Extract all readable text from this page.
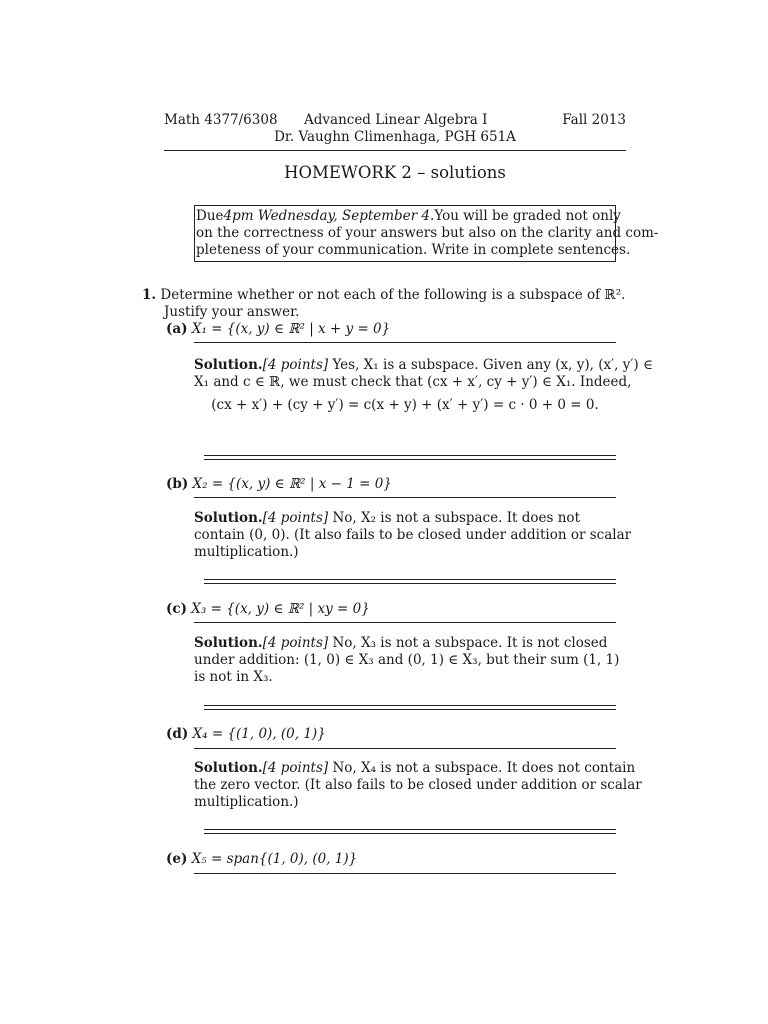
Math 4377/6308 Advanced Linear Algebra I	Fall 2013
Dr. Vaughn Climenhaga, PGH 651A
HOMEWORK 2 – solutions
Due 4pm Wednesday, September 4. You will be graded not only
on the correctness of your answers but also on the clarity and com-
pleteness of your communication. Write in complete sentences.
1. Determine whether or not each of the following is a subspace of ℝ².
Justify your answer.
(a) X₁ = {(x, y) ∈ ℝ² | x + y = 0}
Solution. [4 points] Yes, X₁ is a subspace. Given any (x, y), (x′, y′) ∈
X₁ and c ∈ ℝ, we must check that (cx + x′, cy + y′) ∈ X₁. Indeed,
(cx + x′) + (cy + y′) = c(x + y) + (x′ + y′) = c · 0 + 0 = 0.
(b) X₂ = {(x, y) ∈ ℝ² | x − 1 = 0}
Solution. [4 points] No, X₂ is not a subspace. It does not
contain (0, 0). (It also fails to be closed under addition or scalar
multiplication.)
(c) X₃ = {(x, y) ∈ ℝ² | xy = 0}
Solution. [4 points] No, X₃ is not a subspace. It is not closed
under addition: (1, 0) ∈ X₃ and (0, 1) ∈ X₃, but their sum (1, 1)
is not in X₃.
(d) X₄ = {(1, 0), (0, 1)}
Solution. [4 points] No, X₄ is not a subspace. It does not contain
the zero vector. (It also fails to be closed under addition or scalar
multiplication.)
(e) X₅ = span{(1, 0), (0, 1)}
